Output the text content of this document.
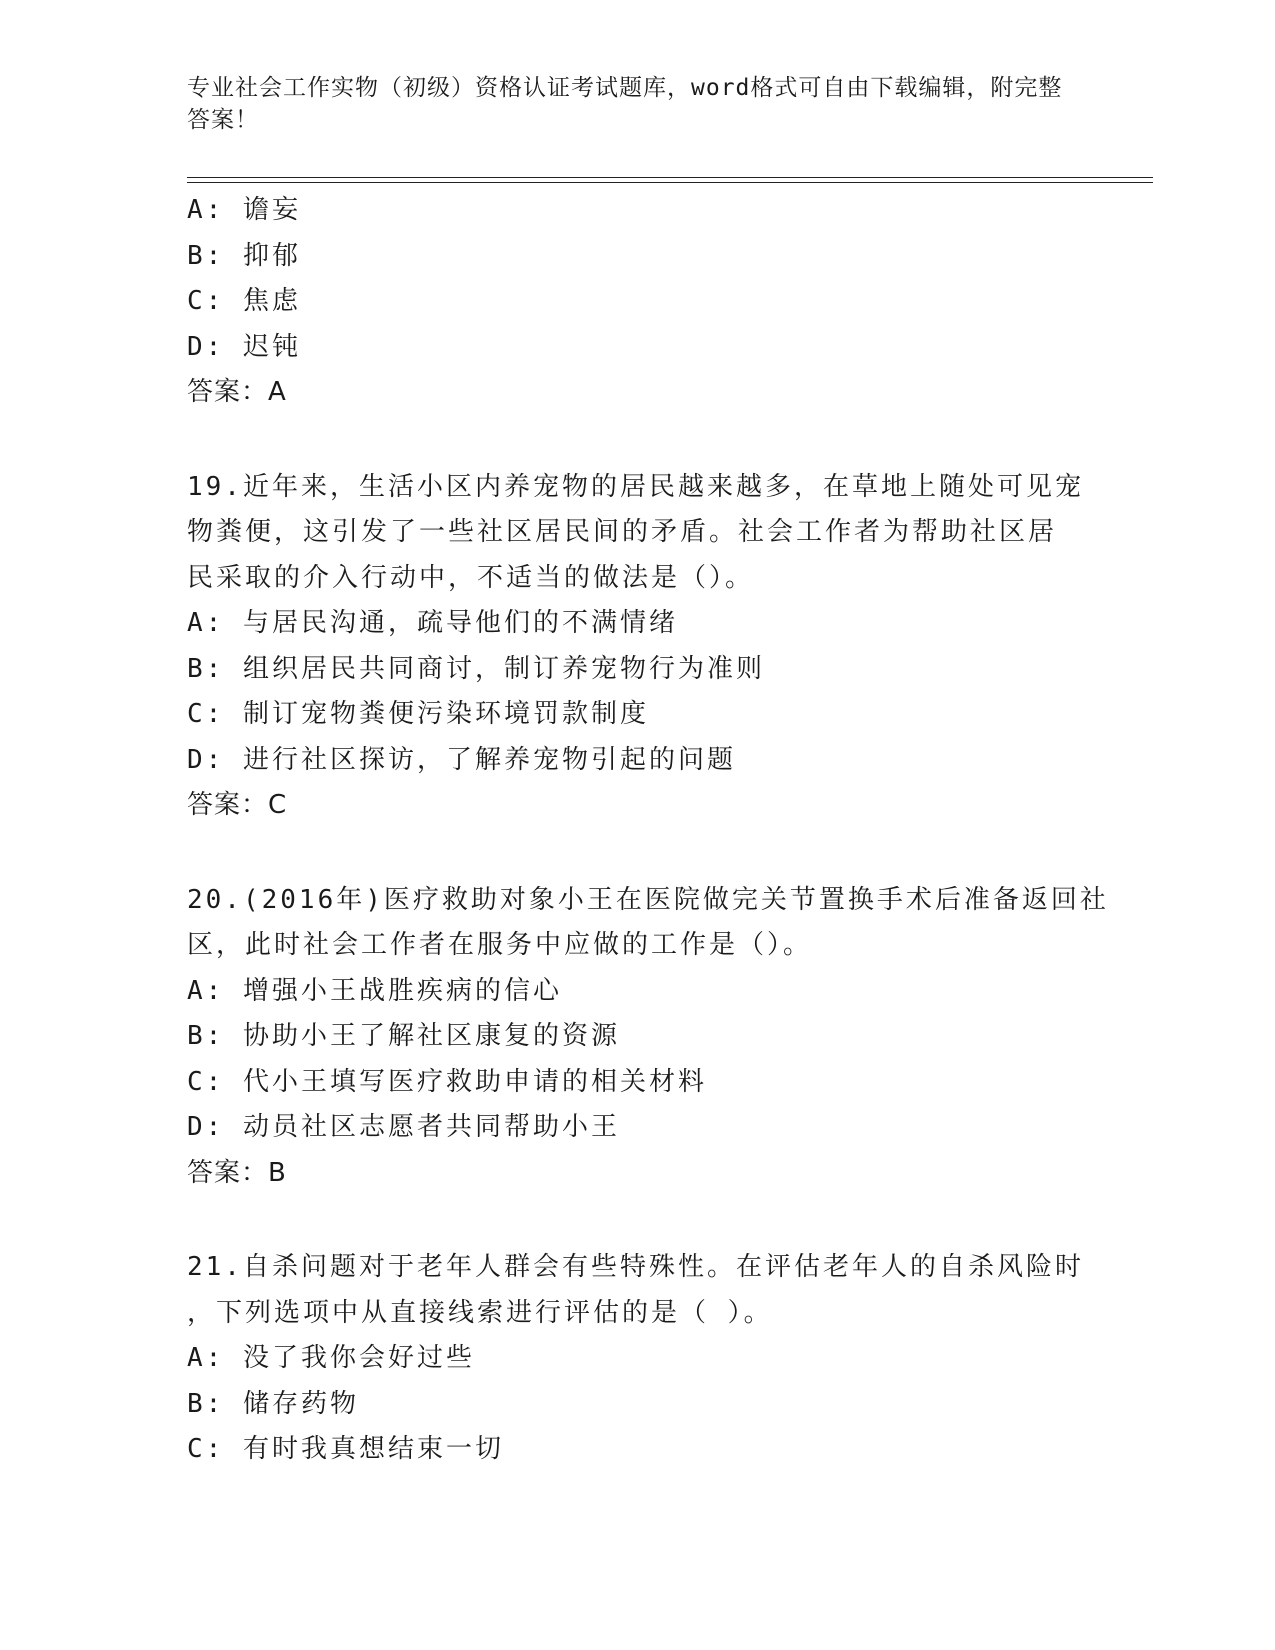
专业社会工作实物（初级）资格认证考试题库，word格式可自由下载编辑，附完整答案！
A: 谵妄
B: 抑郁
C: 焦虑
D: 迟钝
答案：A
19.近年来，生活小区内养宠物的居民越来越多，在草地上随处可见宠
物粪便，这引发了一些社区居民间的矛盾。社会工作者为帮助社区居
民采取的介入行动中，不适当的做法是（）。
A: 与居民沟通，疏导他们的不满情绪
B: 组织居民共同商讨，制订养宠物行为准则
C: 制订宠物粪便污染环境罚款制度
D: 进行社区探访，了解养宠物引起的问题
答案：C
20.(2016年)医疗救助对象小王在医院做完关节置换手术后准备返回社
区，此时社会工作者在服务中应做的工作是（）。
A: 增强小王战胜疾病的信心
B: 协助小王了解社区康复的资源
C: 代小王填写医疗救助申请的相关材料
D: 动员社区志愿者共同帮助小王
答案：B
21.自杀问题对于老年人群会有些特殊性。在评估老年人的自杀风险时
，下列选项中从直接线索进行评估的是（ ）。
A: 没了我你会好过些
B: 储存药物
C: 有时我真想结束一切
